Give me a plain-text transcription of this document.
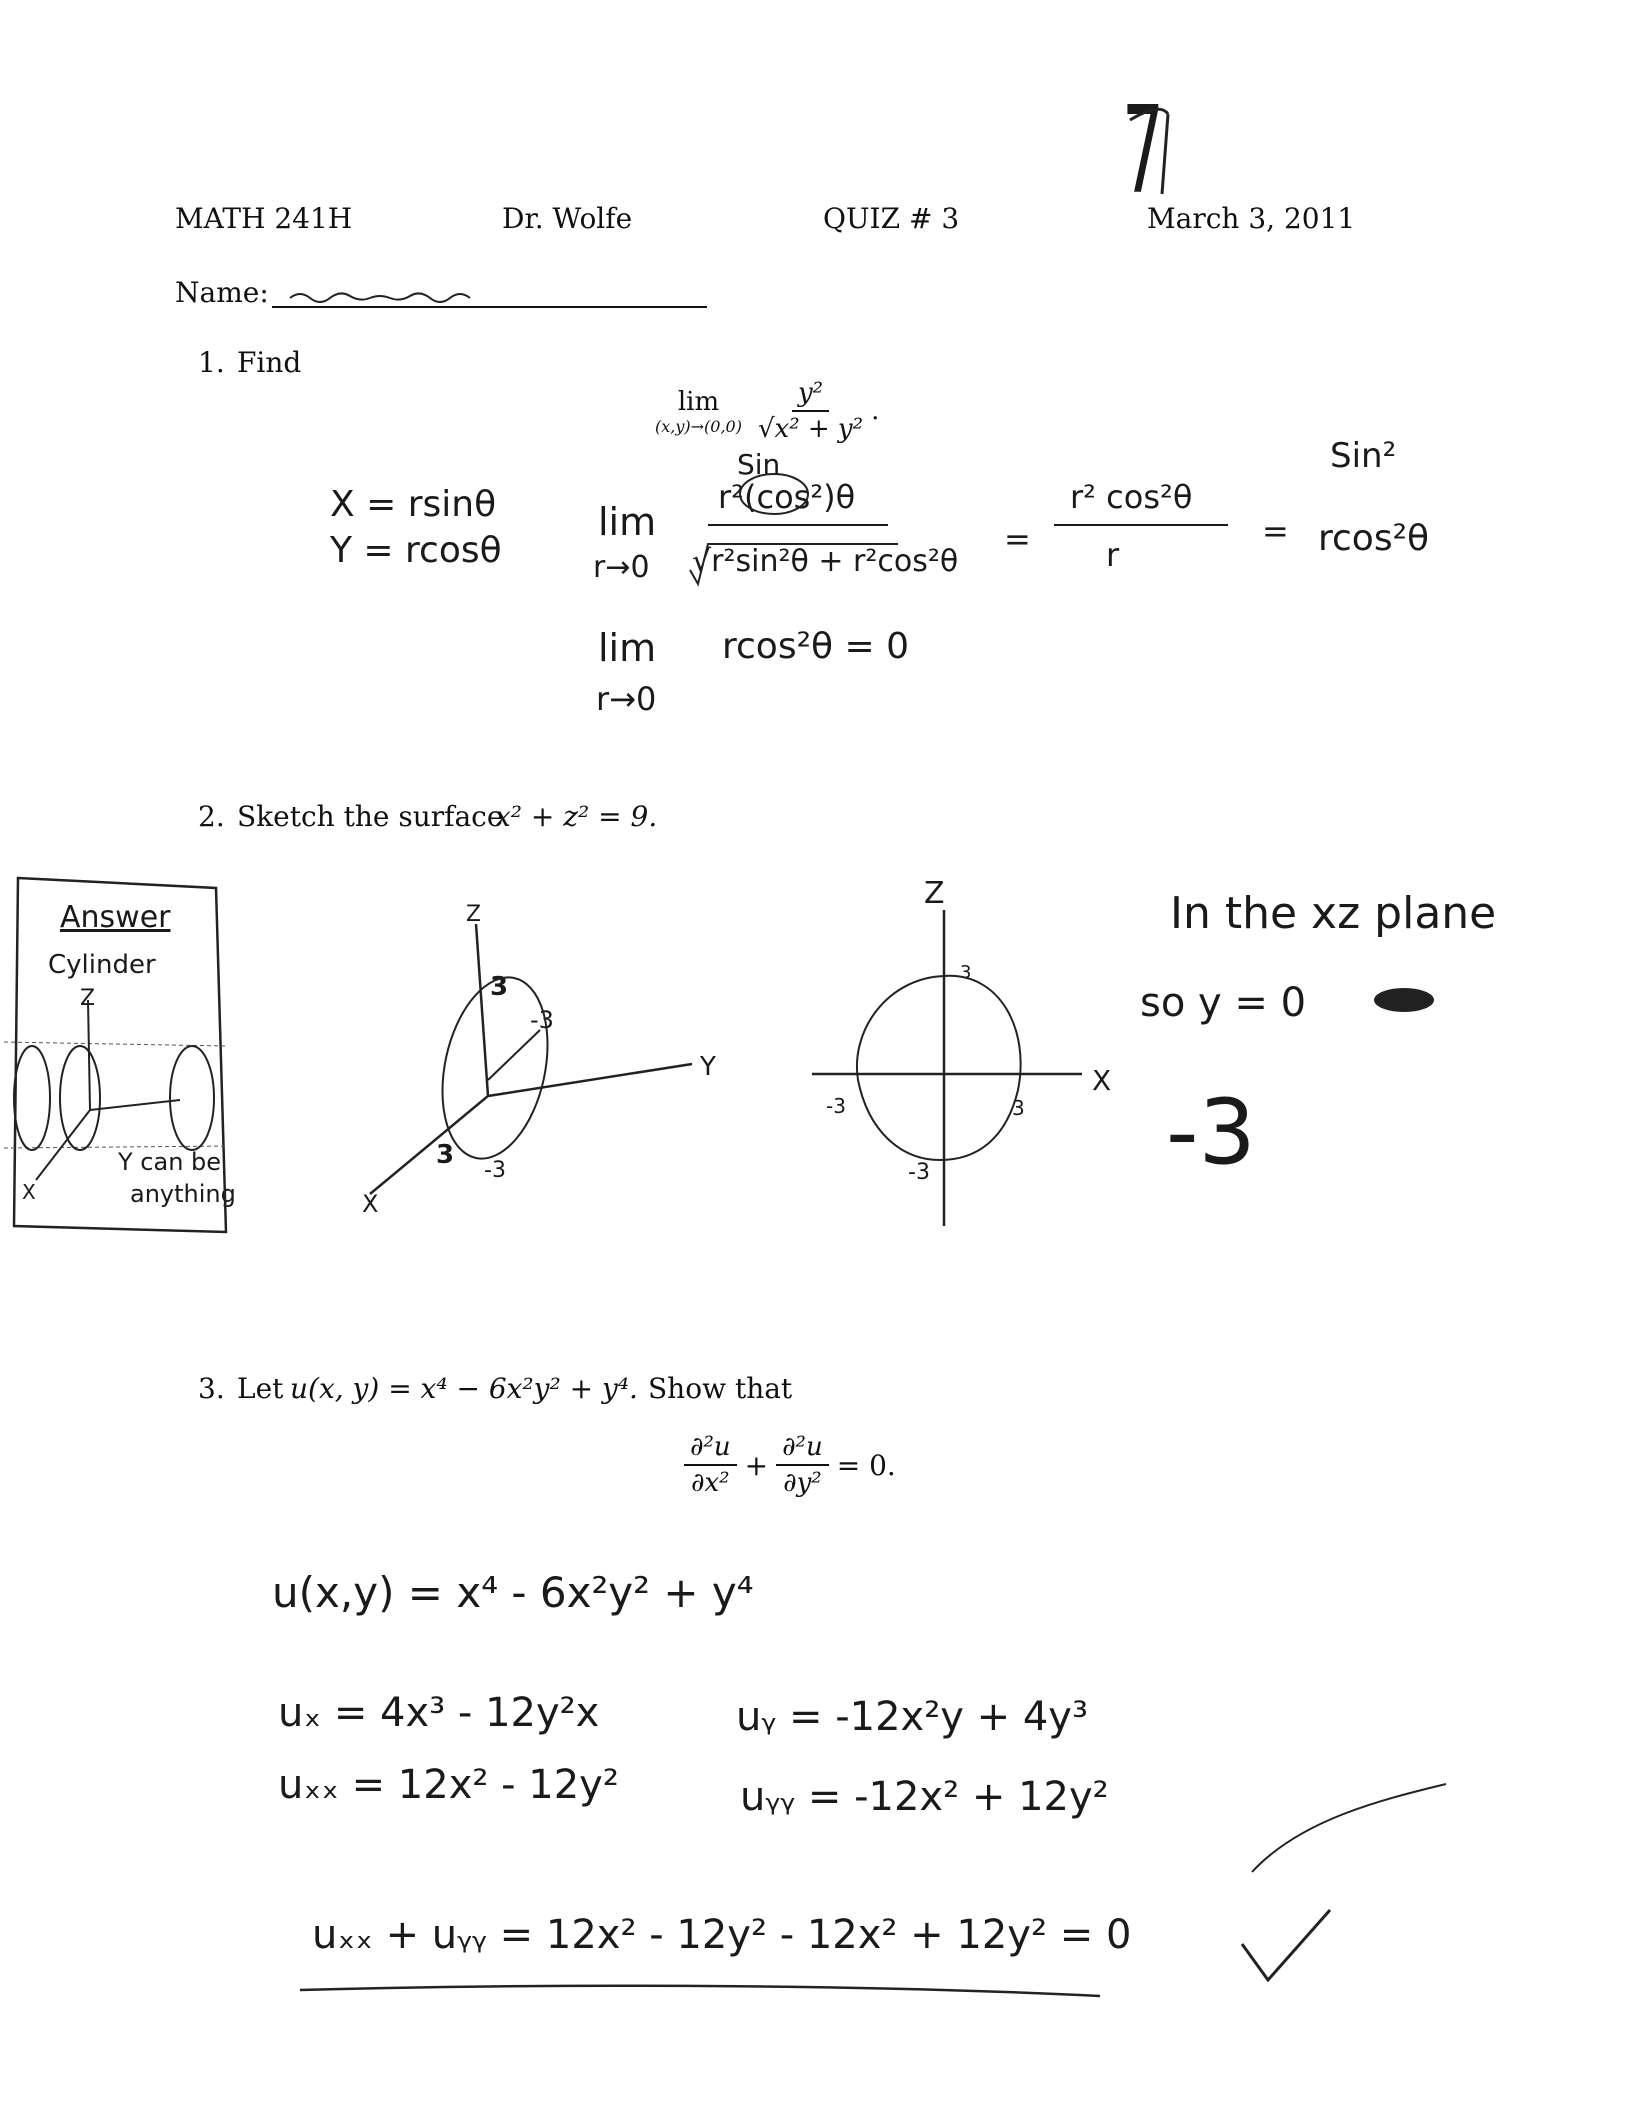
MATH 241H	Dr. Wolfe	QUIZ # 3	March 3, 2011
7
Name:
1. Find
lim
$(x,y)\to(0,0) \frac{\text{y²}}{\text{√x² + y²}}$ .
X = rsinθ
Y = rcosθ
Sin
lim
r→0
r²(cos²)θ
√r²sin²θ + r²cos²θ
=
r² cos²θ
r
=
Sin²
rcos²θ
lim rcos²θ = 0
r→0
2. Sketch the surface
x² + z² = 9.
Answer
Cylinder
Z
X
Y can be
anything
Z
Y
X
3
-3
3
-3
Z
X
3
-3	3
-3
In the xz plane
so y = 0
-3
3. Let u(x, y) = x⁴ − 6x²y² + y⁴. Show that
$\frac{\text{∂²u}}{\text{∂x²}} + \frac{\text{∂²u}}{\text{∂y²}} = 0$.
u(x,y) = x⁴ - 6x²y² + y⁴
uₓ = 4x³ - 12y²x
uₓₓ = 12x² - 12y²
uᵧ = -12x²y + 4y³
uᵧᵧ = -12x² + 12y²
uₓₓ + uᵧᵧ = 12x² - 12y² - 12x² + 12y² = 0
